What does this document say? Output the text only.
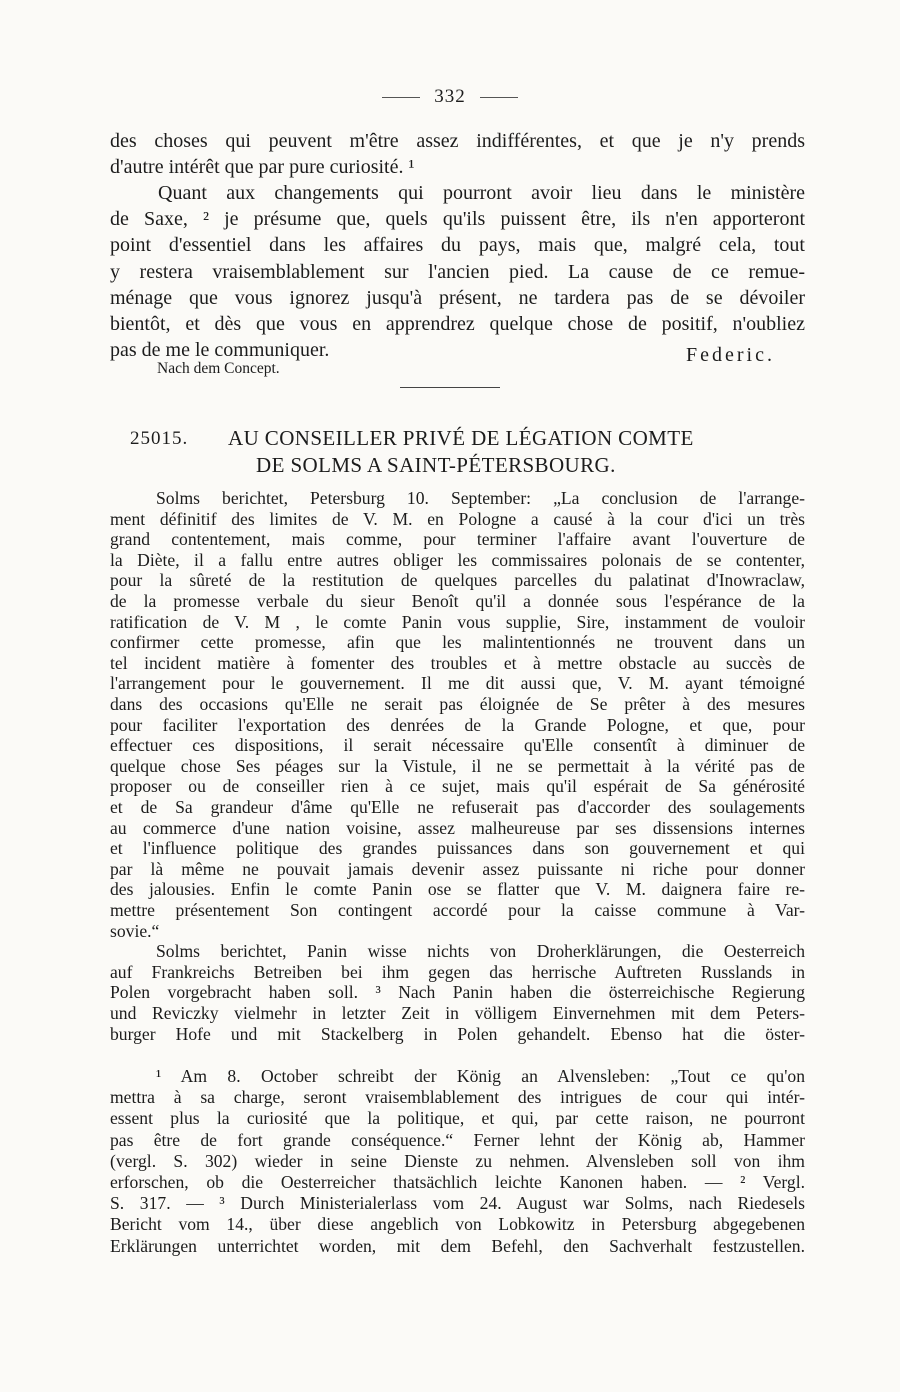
332
des choses qui peuvent m'être assez indifférentes, et que je n'y prends
d'autre intérêt que par pure curiosité. ¹
Quant aux changements qui pourront avoir lieu dans le ministère
de Saxe, ² je présume que, quels qu'ils puissent être, ils n'en apporteront
point d'essentiel dans les affaires du pays, mais que, malgré cela, tout
y restera vraisemblablement sur l'ancien pied. La cause de ce remue-
ménage que vous ignorez jusqu'à présent, ne tardera pas de se dévoiler
bientôt, et dès que vous en apprendrez quelque chose de positif, n'oubliez
pas de me le communiquer.	Federic.
Nach dem Concept.
25015. AU CONSEILLER PRIVÉ DE LÉGATION COMTE
DE SOLMS A SAINT-PÉTERSBOURG.
Solms berichtet, Petersburg 10. September: „La conclusion de l'arrange-
ment définitif des limites de V. M. en Pologne a causé à la cour d'ici un très
grand contentement, mais comme, pour terminer l'affaire avant l'ouverture de
la Diète, il a fallu entre autres obliger les commissaires polonais de se contenter,
pour la sûreté de la restitution de quelques parcelles du palatinat d'Inowraclaw,
de la promesse verbale du sieur Benoît qu'il a donnée sous l'espérance de la
ratification de V. M , le comte Panin vous supplie, Sire, instamment de vouloir
confirmer cette promesse, afin que les malintentionnés ne trouvent dans un
tel incident matière à fomenter des troubles et à mettre obstacle au succès de
l'arrangement pour le gouvernement. Il me dit aussi que, V. M. ayant témoigné
dans des occasions qu'Elle ne serait pas éloignée de Se prêter à des mesures
pour faciliter l'exportation des denrées de la Grande Pologne, et que, pour
effectuer ces dispositions, il serait nécessaire qu'Elle consentît à diminuer de
quelque chose Ses péages sur la Vistule, il ne se permettait à la vérité pas de
proposer ou de conseiller rien à ce sujet, mais qu'il espérait de Sa générosité
et de Sa grandeur d'âme qu'Elle ne refuserait pas d'accorder des soulagements
au commerce d'une nation voisine, assez malheureuse par ses dissensions internes
et l'influence politique des grandes puissances dans son gouvernement et qui
par là même ne pouvait jamais devenir assez puissante ni riche pour donner
des jalousies. Enfin le comte Panin ose se flatter que V. M. daignera faire re-
mettre présentement Son contingent accordé pour la caisse commune à Var-
sovie.“
Solms berichtet, Panin wisse nichts von Droherklärungen, die Oesterreich
auf Frankreichs Betreiben bei ihm gegen das herrische Auftreten Russlands in
Polen vorgebracht haben soll. ³ Nach Panin haben die österreichische Regierung
und Reviczky vielmehr in letzter Zeit in völligem Einvernehmen mit dem Peters-
burger Hofe und mit Stackelberg in Polen gehandelt. Ebenso hat die öster-
¹ Am 8. October schreibt der König an Alvensleben: „Tout ce qu'on
mettra à sa charge, seront vraisemblablement des intrigues de cour qui intér-
essent plus la curiosité que la politique, et qui, par cette raison, ne pourront
pas être de fort grande conséquence.“ Ferner lehnt der König ab, Hammer
(vergl. S. 302) wieder in seine Dienste zu nehmen. Alvensleben soll von ihm
erforschen, ob die Oesterreicher thatsächlich leichte Kanonen haben. — ² Vergl.
S. 317. — ³ Durch Ministerialerlass vom 24. August war Solms, nach Riedesels
Bericht vom 14., über diese angeblich von Lobkowitz in Petersburg abgegebenen
Erklärungen unterrichtet worden, mit dem Befehl, den Sachverhalt festzustellen.
